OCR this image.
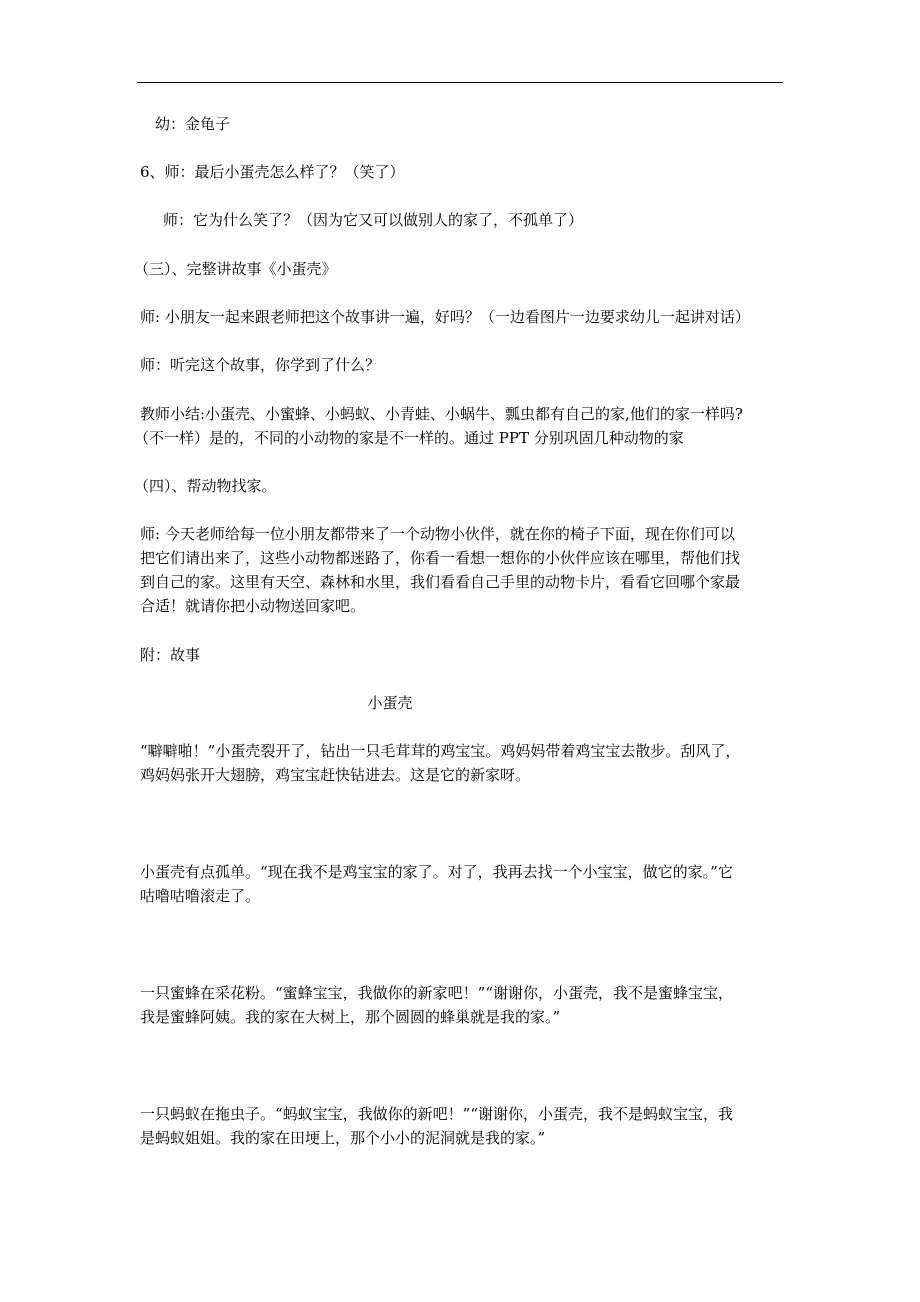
幼：金龟子
6、师：最后小蛋壳怎么样了？（笑了）
师：它为什么笑了？（因为它又可以做别人的家了，不孤单了）
（三）、完整讲故事《小蛋壳》
师: 小朋友一起来跟老师把这个故事讲一遍，好吗？（一边看图片一边要求幼儿一起讲对话）
师：听完这个故事，你学到了什么？
教师小结:小蛋壳、小蜜蜂、小蚂蚁、小青蛙、小蜗牛、瓢虫都有自己的家,他们的家一样吗?
（不一样）是的，不同的小动物的家是不一样的。通过 PPT 分别巩固几种动物的家
（四）、帮动物找家。
师: 今天老师给每一位小朋友都带来了一个动物小伙伴，就在你的椅子下面，现在你们可以
把它们请出来了，这些小动物都迷路了，你看一看想一想你的小伙伴应该在哪里，帮他们找
到自己的家。这里有天空、森林和水里，我们看看自己手里的动物卡片，看看它回哪个家最
合适！就请你把小动物送回家吧。
附：故事
小蛋壳
“噼噼啪！”小蛋壳裂开了，钻出一只毛茸茸的鸡宝宝。鸡妈妈带着鸡宝宝去散步。刮风了，
鸡妈妈张开大翅膀，鸡宝宝赶快钻进去。这是它的新家呀。
小蛋壳有点孤单。“现在我不是鸡宝宝的家了。对了，我再去找一个小宝宝，做它的家。”它
咕噜咕噜滚走了。
一只蜜蜂在采花粉。“蜜蜂宝宝，我做你的新家吧！”“谢谢你，小蛋壳，我不是蜜蜂宝宝，
我是蜜蜂阿姨。我的家在大树上，那个圆圆的蜂巢就是我的家。”
一只蚂蚁在拖虫子。“蚂蚁宝宝，我做你的新吧！”“谢谢你，小蛋壳，我不是蚂蚁宝宝，我
是蚂蚁姐姐。我的家在田埂上，那个小小的泥洞就是我的家。”
